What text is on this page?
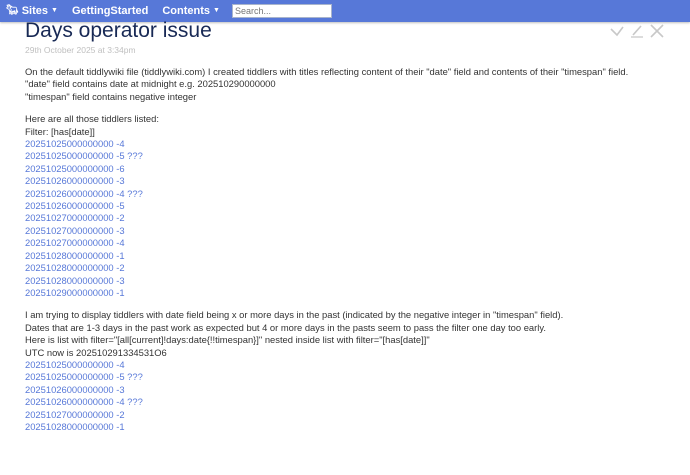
🐂︎ Sites ▼ GettingStarted Contents ▼
Search...
Days operator issue
29th October 2025 at 3:34pm
On the default tiddlywiki file (tiddlywiki.com) I created tiddlers with titles reflecting content of their "date" field and contents of their "timespan" field.
"date" field contains date at midnight e.g. 202510290000000
"timespan" field contains negative integer
Here are all those tiddlers listed:
Filter: [has[date]]
20251025000000000 -4
20251025000000000 -5 ???
20251025000000000 -6
20251026000000000 -3
20251026000000000 -4 ???
20251026000000000 -5
20251027000000000 -2
20251027000000000 -3
20251027000000000 -4
20251028000000000 -1
20251028000000000 -2
20251028000000000 -3
20251029000000000 -1
I am trying to display tiddlers with date field being x or more days in the past (indicated by the negative integer in "timespan" field).
Dates that are 1-3 days in the past work as expected but 4 or more days in the pasts seem to pass the filter one day too early.
Here is list with filter="[all[current]!days:date{!!timespan}]" nested inside list with filter="[has[date]]"
UTC now is 202510291334531O6
20251025000000000 -4
20251025000000000 -5 ???
20251026000000000 -3
20251026000000000 -4 ???
20251027000000000 -2
20251028000000000 -1
